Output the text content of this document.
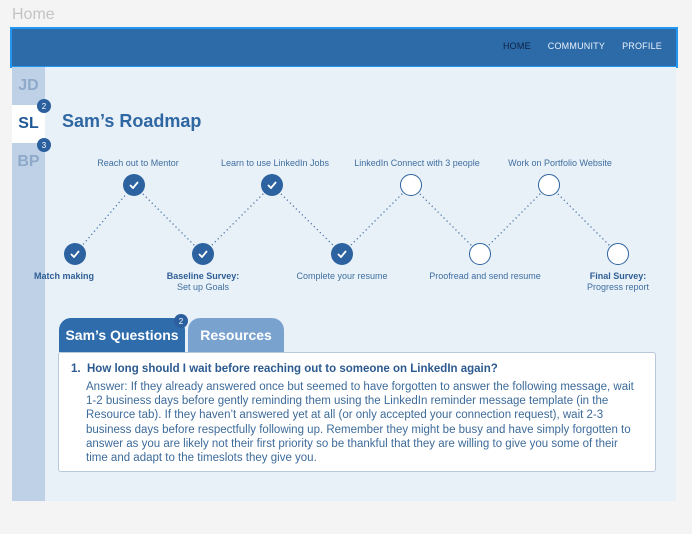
Home
HOME COMMUNITY PROFILE
JD
SL
BP
2
3
Sam’s Roadmap
Match making
Reach out to Mentor
Baseline Survey:
Set up Goals
Learn to use LinkedIn Jobs
Complete your resume
LinkedIn Connect with 3 people
Proofread and send resume
Work on Portfolio Website
Final Survey:
Progress report
Sam’s Questions Resources
2
1. How long should I wait before reaching out to someone on LinkedIn again?
Answer: If they already answered once but seemed to have forgotten to answer the following message, wait 1-2 business days before gently reminding them using the LinkedIn reminder message template (in the Resource tab). If they haven’t answered yet at all (or only accepted your connection request), wait 2-3 business days before respectfully following up. Remember they might be busy and have simply forgotten to answer as you are likely not their first priority so be thankful that they are willing to give you some of their time and adapt to the timeslots they give you.
